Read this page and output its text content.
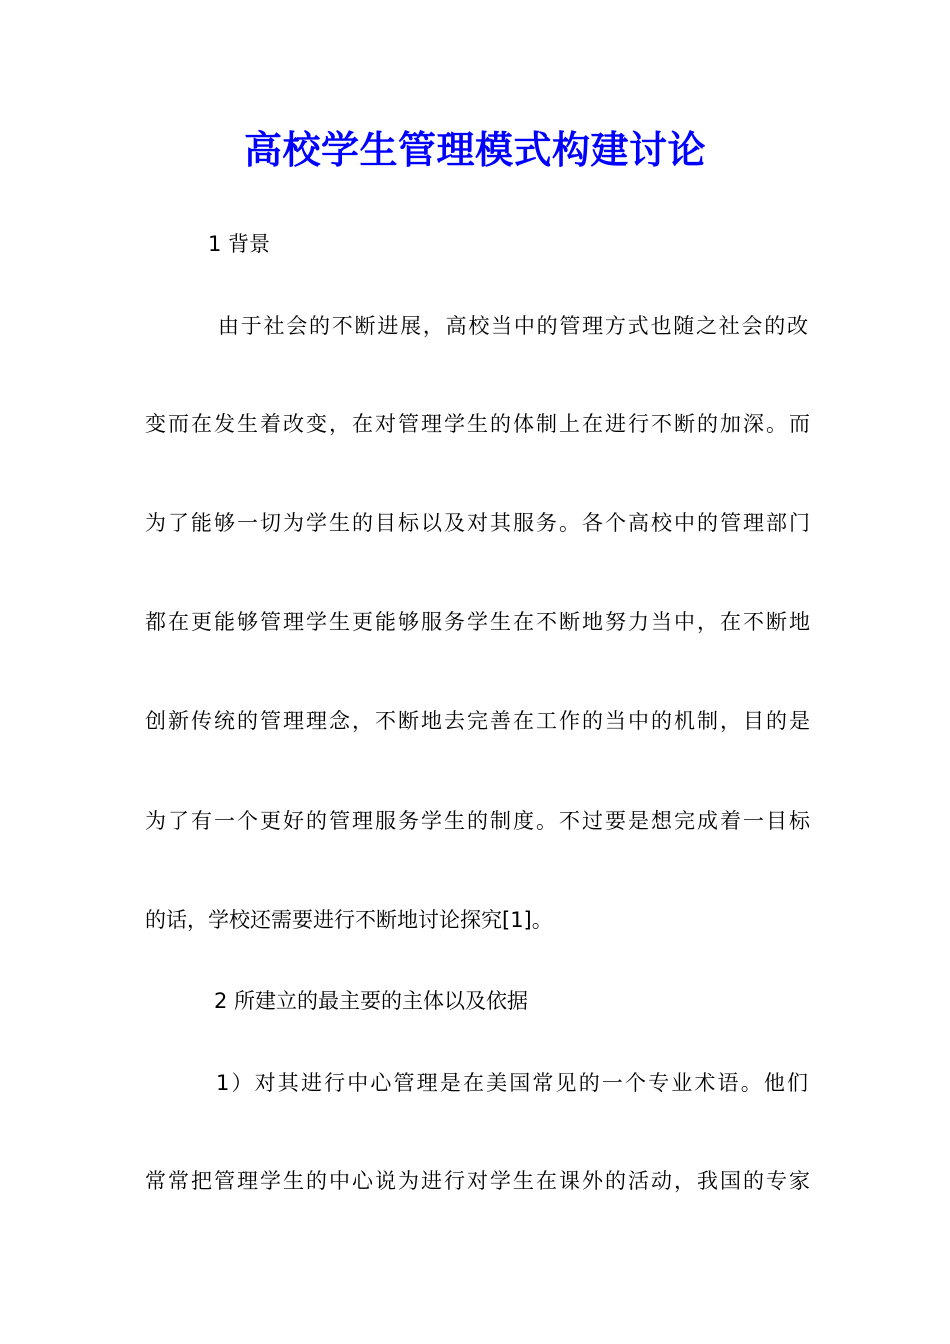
高校学生管理模式构建讨论
1 背景
由于社会的不断进展，高校当中的管理方式也随之社会的改
变而在发生着改变，在对管理学生的体制上在进行不断的加深。而
为了能够一切为学生的目标以及对其服务。各个高校中的管理部门
都在更能够管理学生更能够服务学生在不断地努力当中，在不断地
创新传统的管理理念，不断地去完善在工作的当中的机制，目的是
为了有一个更好的管理服务学生的制度。不过要是想完成着一目标
的话，学校还需要进行不断地讨论探究[1]。
2 所建立的最主要的主体以及依据
1）对其进行中心管理是在美国常见的一个专业术语。他们
常常把管理学生的中心说为进行对学生在课外的活动，我国的专家
